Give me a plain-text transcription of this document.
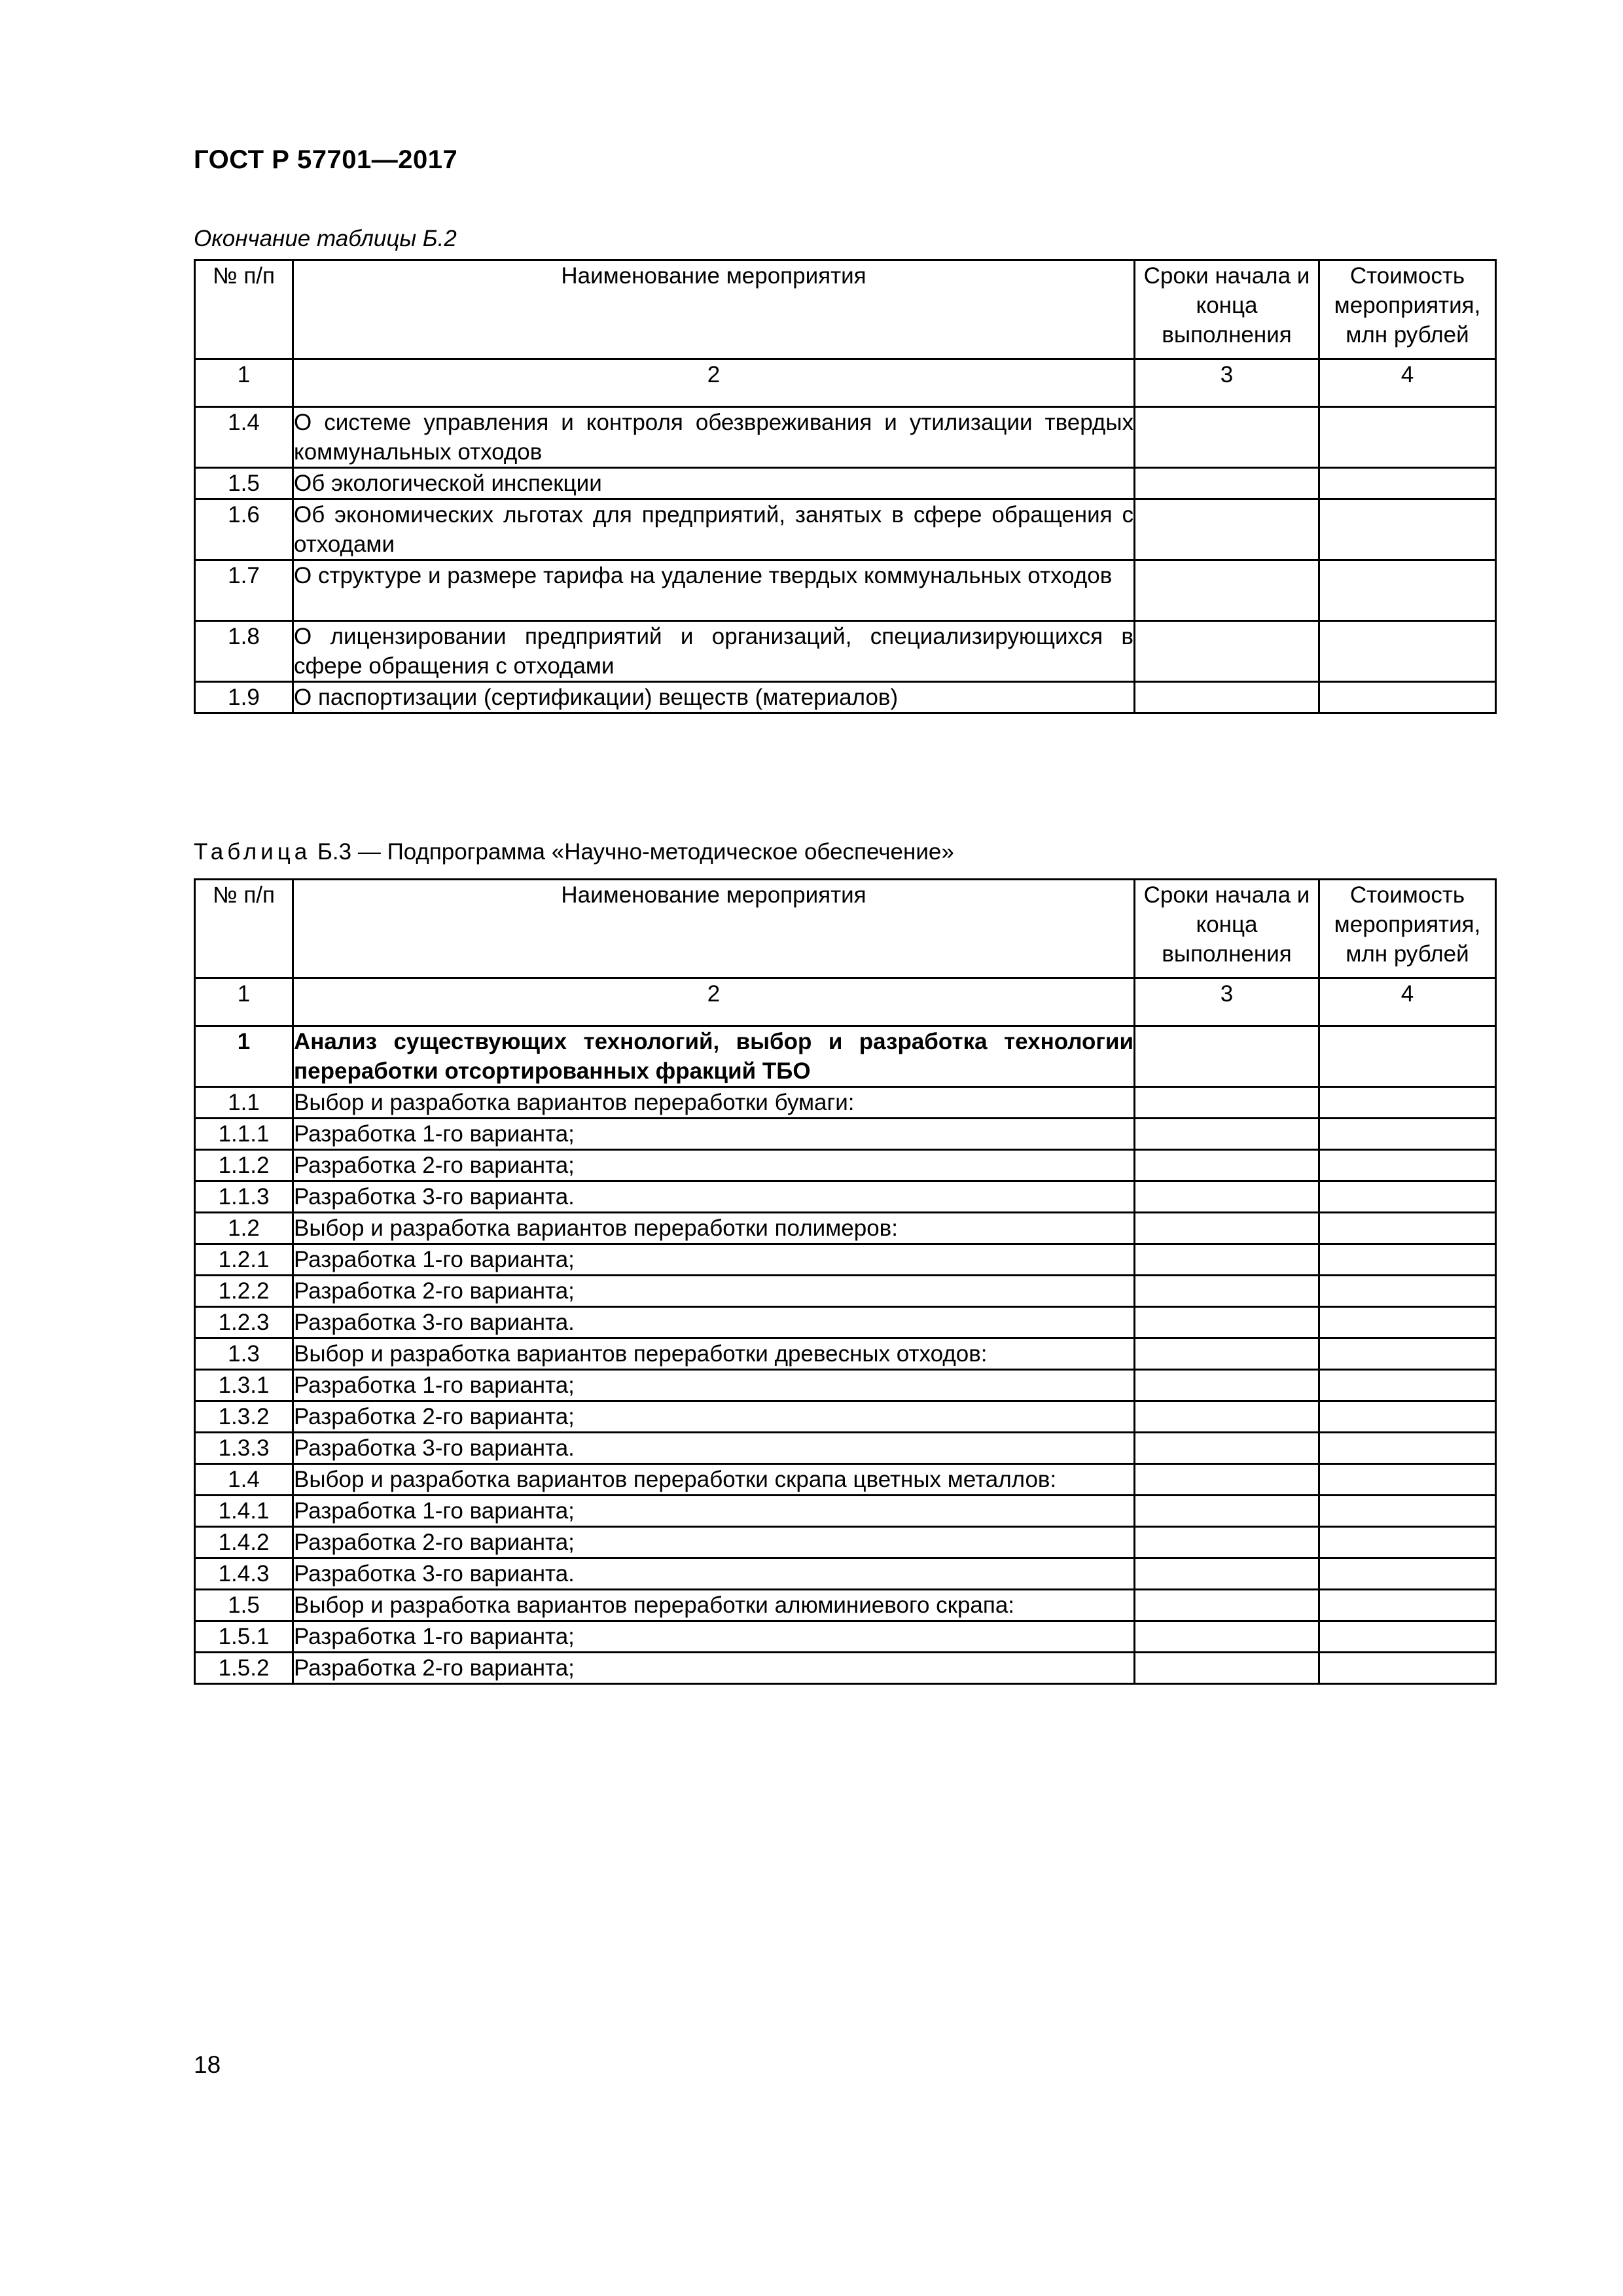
ГОСТ Р 57701—2017
Окончание таблицы Б.2
№ п/п	Наименование мероприятия	Сроки начала и конца выполнения	Стоимость мероприятия, млн рублей
1	2	3	4
1.4	О системе управления и контроля обезвреживания и утилизации твердых коммунальных отходов		
1.5	Об экологической инспекции		
1.6	Об экономических льготах для предприятий, занятых в сфере обращения с отходами		
1.7	О структуре и размере тарифа на удаление твердых коммунальных отходов		
1.8	О лицензировании предприятий и организаций, специализирующихся в сфере обращения с отходами		
1.9	О паспортизации (сертификации) веществ (материалов)		
Таблица Б.3 — Подпрограмма «Научно-методическое обеспечение»
№ п/п	Наименование мероприятия	Сроки начала и конца выполнения	Стоимость мероприятия, млн рублей
1	2	3	4
1	Анализ существующих технологий, выбор и разработка технологии переработки отсортированных фракций ТБО		
1.1	Выбор и разработка вариантов переработки бумаги:		
1.1.1	Разработка 1-го варианта;		
1.1.2	Разработка 2-го варианта;		
1.1.3	Разработка 3-го варианта.		
1.2	Выбор и разработка вариантов переработки полимеров:		
1.2.1	Разработка 1-го варианта;		
1.2.2	Разработка 2-го варианта;		
1.2.3	Разработка 3-го варианта.		
1.3	Выбор и разработка вариантов переработки древесных отходов:		
1.3.1	Разработка 1-го варианта;		
1.3.2	Разработка 2-го варианта;		
1.3.3	Разработка 3-го варианта.		
1.4	Выбор и разработка вариантов переработки скрапа цветных металлов:		
1.4.1	Разработка 1-го варианта;		
1.4.2	Разработка 2-го варианта;		
1.4.3	Разработка 3-го варианта.		
1.5	Выбор и разработка вариантов переработки алюминиевого скрапа:		
1.5.1	Разработка 1-го варианта;		
1.5.2	Разработка 2-го варианта;		
18
